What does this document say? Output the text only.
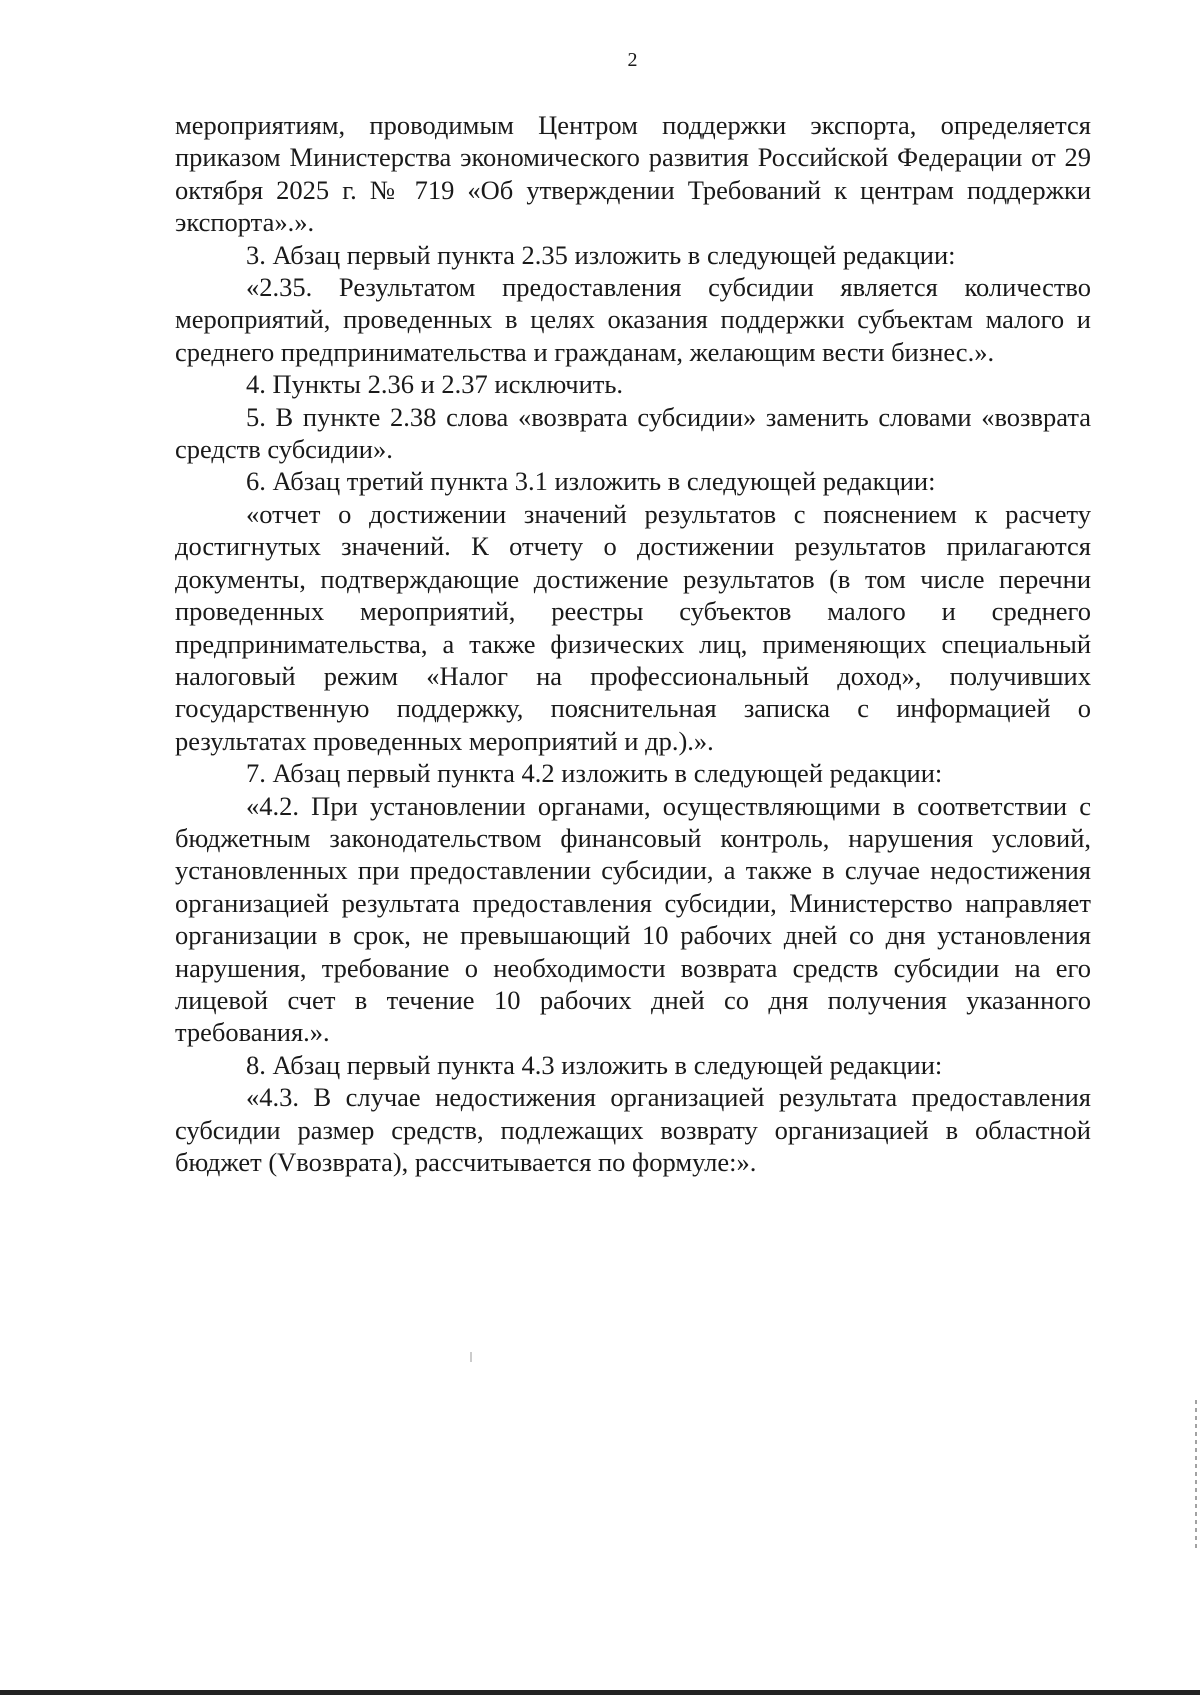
2

мероприятиям, проводимым Центром поддержки экспорта, определяется приказом Министерства экономического развития Российской Федерации от 29 октября 2025 г. № 719 «Об утверждении Требований к центрам поддержки экспорта».».

3. Абзац первый пункта 2.35 изложить в следующей редакции:

«2.35. Результатом предоставления субсидии является количество мероприятий, проведенных в целях оказания поддержки субъектам малого и среднего предпринимательства и гражданам, желающим вести бизнес.».

4. Пункты 2.36 и 2.37 исключить.

5. В пункте 2.38 слова «возврата субсидии» заменить словами «возврата средств субсидии».

6. Абзац третий пункта 3.1 изложить в следующей редакции:

«отчет о достижении значений результатов с пояснением к расчету достигнутых значений. К отчету о достижении результатов прилагаются документы, подтверждающие достижение результатов (в том числе перечни проведенных мероприятий, реестры субъектов малого и среднего предпринимательства, а также физических лиц, применяющих специальный налоговый режим «Налог на профессиональный доход», получивших государственную поддержку, пояснительная записка с информацией о результатах проведенных мероприятий и др.).».

7. Абзац первый пункта 4.2 изложить в следующей редакции:

«4.2. При установлении органами, осуществляющими в соответствии с бюджетным законодательством финансовый контроль, нарушения условий, установленных при предоставлении субсидии, а также в случае недостижения организацией результата предоставления субсидии, Министерство направляет организации в срок, не превышающий 10 рабочих дней со дня установления нарушения, требование о необходимости возврата средств субсидии на его лицевой счет в течение 10 рабочих дней со дня получения указанного требования.».

8. Абзац первый пункта 4.3 изложить в следующей редакции:

«4.3. В случае недостижения организацией результата предоставления субсидии размер средств, подлежащих возврату организацией в областной бюджет (Vвозврата), рассчитывается по формуле:».
